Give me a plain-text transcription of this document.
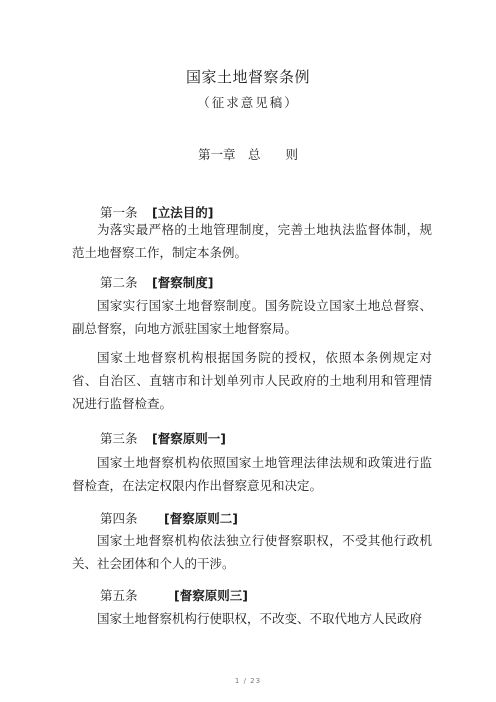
国家土地督察条例
（征求意见稿）
第一章　总　　则
第一条 [立法目的]
为落实最严格的土地管理制度，完善土地执法监督体制，规范土地督察工作，制定本条例。
第二条 [督察制度]
国家实行国家土地督察制度。国务院设立国家土地总督察、副总督察，向地方派驻国家土地督察局。
国家土地督察机构根据国务院的授权，依照本条例规定对省、自治区、直辖市和计划单列市人民政府的土地利用和管理情况进行监督检查。
第三条 [督察原则一]
国家土地督察机构依照国家土地管理法律法规和政策进行监督检查，在法定权限内作出督察意见和决定。
第四条 [督察原则二]
国家土地督察机构依法独立行使督察职权，不受其他行政机关、社会团体和个人的干涉。
第五条	[督察原则三]
国家土地督察机构行使职权，不改变、不取代地方人民政府
1 / 23
